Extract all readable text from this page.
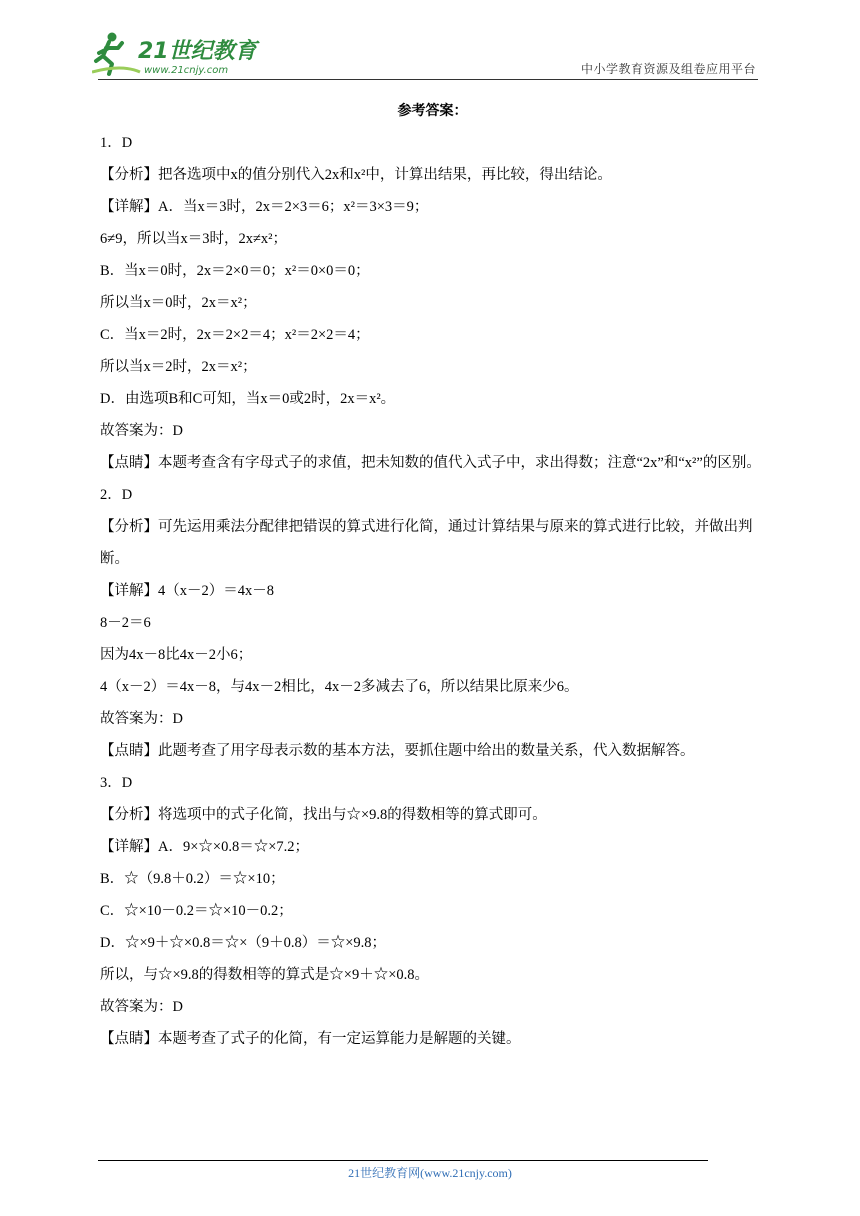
21世纪教育
www.21cnjy.com	中小学教育资源及组卷应用平台
参考答案：
1．D
【分析】把各选项中x的值分别代入2x和x²中，计算出结果，再比较，得出结论。
【详解】A．当x＝3时，2x＝2×3＝6；x²＝3×3＝9；
6≠9，所以当x＝3时，2x≠x²；
B．当x＝0时，2x＝2×0＝0；x²＝0×0＝0；
所以当x＝0时，2x＝x²；
C．当x＝2时，2x＝2×2＝4；x²＝2×2＝4；
所以当x＝2时，2x＝x²；
D．由选项B和C可知，当x＝0或2时，2x＝x²。
故答案为：D
【点睛】本题考查含有字母式子的求值，把未知数的值代入式子中，求出得数；注意“2x”和“x²”的区别。
2．D
【分析】可先运用乘法分配律把错误的算式进行化简，通过计算结果与原来的算式进行比较，并做出判断。
【详解】4（x－2）＝4x－8
8－2＝6
因为4x－8比4x－2小6；
4（x－2）＝4x－8，与4x－2相比，4x－2多减去了6，所以结果比原来少6。
故答案为：D
【点睛】此题考查了用字母表示数的基本方法，要抓住题中给出的数量关系，代入数据解答。
3．D
【分析】将选项中的式子化简，找出与☆×9.8的得数相等的算式即可。
【详解】A．9×☆×0.8＝☆×7.2；
B．☆（9.8＋0.2）＝☆×10；
C．☆×10－0.2＝☆×10－0.2；
D．☆×9＋☆×0.8＝☆×（9＋0.8）＝☆×9.8；
所以，与☆×9.8的得数相等的算式是☆×9＋☆×0.8。
故答案为：D
【点睛】本题考查了式子的化简，有一定运算能力是解题的关键。
21世纪教育网(www.21cnjy.com)
